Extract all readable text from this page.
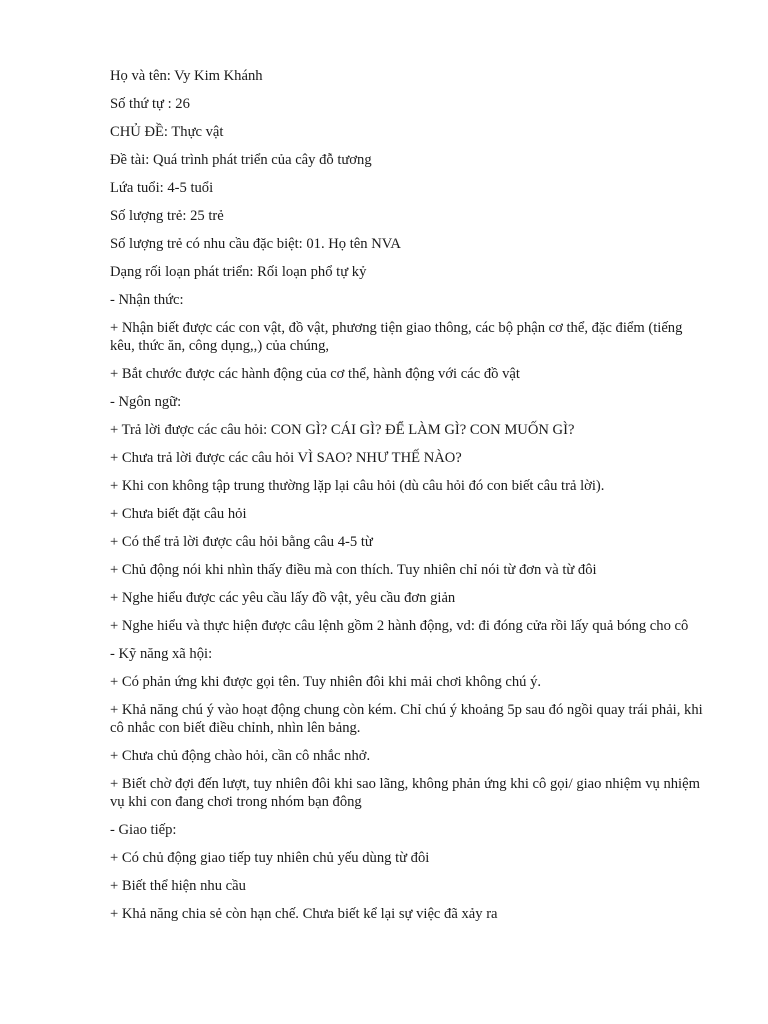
Họ và tên: Vy Kim Khánh

Số thứ tự : 26

CHỦ ĐỀ: Thực vật

Đề tài: Quá trình phát triển của cây đỗ tương

Lứa tuổi: 4-5 tuổi

Số lượng trẻ: 25 trẻ

Số lượng trẻ có nhu cầu đặc biệt: 01. Họ tên NVA

Dạng rối loạn phát triển: Rối loạn phổ tự kỷ

- Nhận thức:

+ Nhận biết được các con vật, đồ vật, phương tiện giao thông, các bộ phận cơ thể, đặc điểm (tiếng kêu, thức ăn, công dụng,,) của chúng,

+ Bắt chước được các hành động của cơ thể, hành động với các đồ vật

- Ngôn ngữ:

+ Trả lời được các câu hỏi: CON GÌ? CÁI GÌ? ĐỂ LÀM GÌ? CON MUỐN GÌ?

+ Chưa trả lời được các câu hỏi VÌ SAO? NHƯ THẾ NÀO?

+ Khi con không tập trung thường lặp lại câu hỏi (dù câu hỏi đó con biết câu trả lời).

+ Chưa biết đặt câu hỏi

+ Có thể trả lời được câu hỏi bằng câu 4-5 từ

+ Chủ động nói khi nhìn thấy điều mà con thích. Tuy nhiên chỉ nói từ đơn và từ đôi

+ Nghe hiểu được các yêu cầu lấy đồ vật, yêu cầu đơn giản

+ Nghe hiểu và thực hiện được câu lệnh gồm 2 hành động, vd: đi đóng cửa rồi lấy quả bóng cho cô

- Kỹ năng xã hội:

+ Có phản ứng khi được gọi tên. Tuy nhiên đôi khi mải chơi không chú ý.

+ Khả năng chú ý vào hoạt động chung còn kém. Chỉ chú ý khoảng 5p sau đó ngồi quay trái phải, khi cô nhắc con biết điều chỉnh, nhìn lên bảng.

+ Chưa chủ động chào hỏi, cần cô nhắc nhở.

+ Biết chờ đợi đến lượt, tuy nhiên đôi khi sao lãng, không phản ứng khi cô gọi/ giao nhiệm vụ nhiệm vụ khi con đang chơi trong nhóm bạn đông

- Giao tiếp:

+ Có chủ động giao tiếp tuy nhiên chủ yếu dùng từ đôi

+ Biết thể hiện nhu cầu

+ Khả năng chia sẻ còn hạn chế. Chưa biết kể lại sự việc đã xảy ra
